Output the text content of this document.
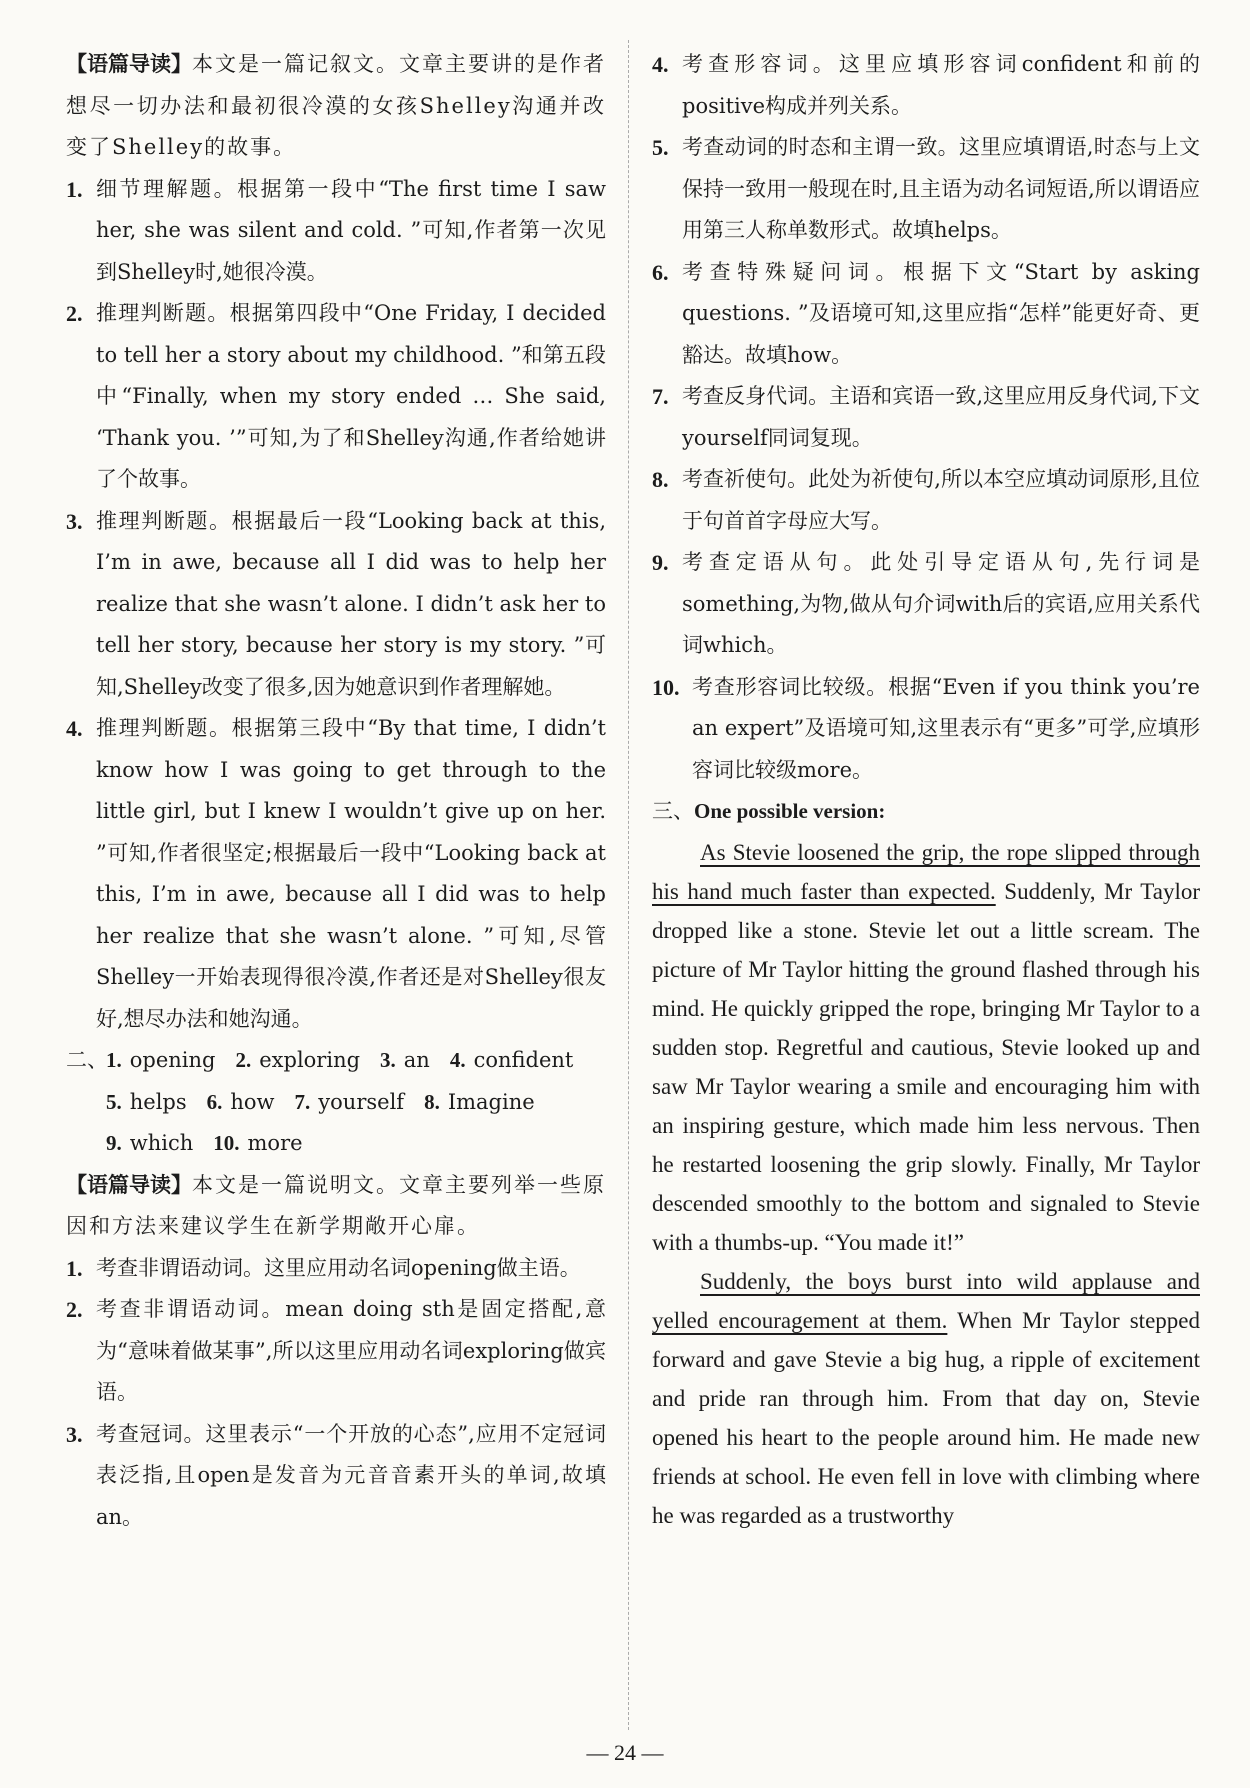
【语篇导读】本文是一篇记叙文。文章主要讲的是作者想尽一切办法和最初很冷漠的女孩Shelley沟通并改变了Shelley的故事。

1. 细节理解题。根据第一段中“The first time I saw her, she was silent and cold. ”可知,作者第一次见到Shelley时,她很冷漠。
2. 推理判断题。根据第四段中“One Friday, I decided to tell her a story about my childhood. ”和第五段中“Finally, when my story ended … She said, ‘Thank you. ’”可知,为了和Shelley沟通,作者给她讲了个故事。
3. 推理判断题。根据最后一段“Looking back at this, I’m in awe, because all I did was to help her realize that she wasn’t alone. I didn’t ask her to tell her story, because her story is my story. ”可知,Shelley改变了很多,因为她意识到作者理解她。
4. 推理判断题。根据第三段中“By that time, I didn’t know how I was going to get through to the little girl, but I knew I wouldn’t give up on her. ”可知,作者很坚定;根据最后一段中“Looking back at this, I’m in awe, because all I did was to help her realize that she wasn’t alone. ”可知,尽管Shelley一开始表现得很冷漠,作者还是对Shelley很友好,想尽办法和她沟通。
二、
1. opening 2. exploring 3. an 4. confident
5. helps 6. how 7. yourself 8. Imagine
9. which 10. more

【语篇导读】本文是一篇说明文。文章主要列举一些原因和方法来建议学生在新学期敞开心扉。

1. 考查非谓语动词。这里应用动名词opening做主语。
2. 考查非谓语动词。mean doing sth是固定搭配,意为“意味着做某事”,所以这里应用动名词exploring做宾语。
3. 考查冠词。这里表示“一个开放的心态”,应用不定冠词表泛指,且open是发音为元音音素开头的单词,故填an。
4. 考查形容词。这里应填形容词confident和前的positive构成并列关系。
5. 考查动词的时态和主谓一致。这里应填谓语,时态与上文保持一致用一般现在时,且主语为动名词短语,所以谓语应用第三人称单数形式。故填helps。
6. 考查特殊疑问词。根据下文“Start by asking questions. ”及语境可知,这里应指“怎样”能更好奇、更豁达。故填how。
7. 考查反身代词。主语和宾语一致,这里应用反身代词,下文yourself同词复现。
8. 考查祈使句。此处为祈使句,所以本空应填动词原形,且位于句首首字母应大写。
9. 考查定语从句。此处引导定语从句,先行词是something,为物,做从句介词with后的宾语,应用关系代词which。
10. 考查形容词比较级。根据“Even if you think you’re an expert”及语境可知,这里表示有“更多”可学,应填形容词比较级more。
三、One possible version:

As Stevie loosened the grip, the rope slipped through his hand much faster than expected. Suddenly, Mr Taylor dropped like a stone. Stevie let out a little scream. The picture of Mr Taylor hitting the ground flashed through his mind. He quickly gripped the rope, bringing Mr Taylor to a sudden stop. Regretful and cautious, Stevie looked up and saw Mr Taylor wearing a smile and encouraging him with an inspiring gesture, which made him less nervous. Then he restarted loosening the grip slowly. Finally, Mr Taylor descended smoothly to the bottom and signaled to Stevie with a thumbs-up. “You made it!”

Suddenly, the boys burst into wild applause and yelled encouragement at them. When Mr Taylor stepped forward and gave Stevie a big hug, a ripple of excitement and pride ran through him. From that day on, Stevie opened his heart to the people around him. He made new friends at school. He even fell in love with climbing where he was regarded as a trustworthy

— 24 —
